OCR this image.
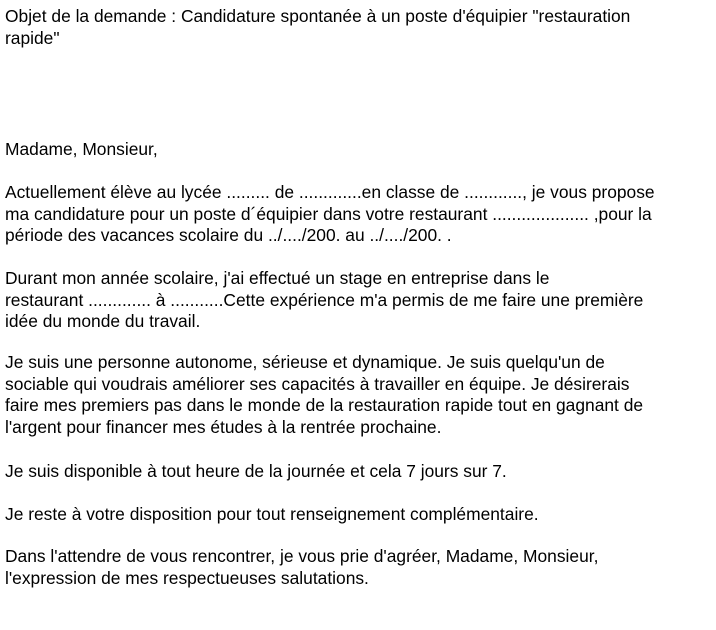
Objet de la demande : Candidature spontanée à un poste d'équipier "restauration
rapide"
Madame, Monsieur,
Actuellement élève au lycée ......... de .............en classe de ............, je vous propose
ma candidature pour un poste d´équipier dans votre restaurant .................... ,pour la
période des vacances scolaire du ../..../200. au ../..../200. .
Durant mon année scolaire, j'ai effectué un stage en entreprise dans le
restaurant ............. à ...........Cette expérience m'a permis de me faire une première
idée du monde du travail.
Je suis une personne autonome, sérieuse et dynamique. Je suis quelqu'un de
sociable qui voudrais améliorer ses capacités à travailler en équipe. Je désirerais
faire mes premiers pas dans le monde de la restauration rapide tout en gagnant de
l'argent pour financer mes études à la rentrée prochaine.
Je suis disponible à tout heure de la journée et cela 7 jours sur 7.
Je reste à votre disposition pour tout renseignement complémentaire.
Dans l'attendre de vous rencontrer, je vous prie d'agréer, Madame, Monsieur,
l'expression de mes respectueuses salutations.
